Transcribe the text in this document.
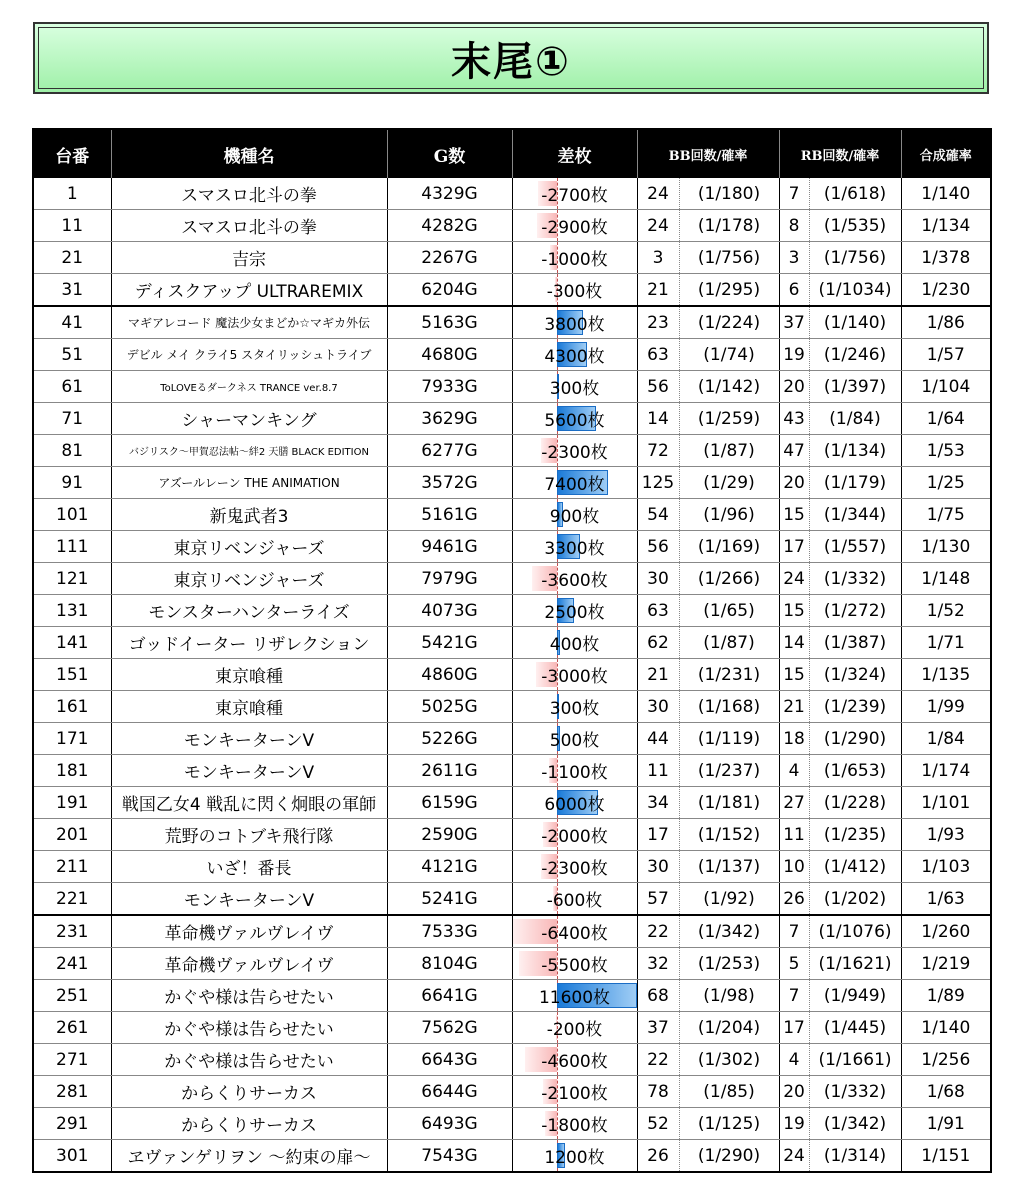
末尾①
台番	機種名	G数	差枚	BB回数/確率		RB回数/確率		合成確率
1	スマスロ北斗の拳	4329G	-2700枚	24	(1/180)	7	(1/618)	1/140
11	スマスロ北斗の拳	4282G	-2900枚	24	(1/178)	8	(1/535)	1/134
21	吉宗	2267G	-1000枚	3	(1/756)	3	(1/756)	1/378
31	ディスクアップ ULTRAREMIX	6204G	-300枚	21	(1/295)	6	(1/1034)	1/230
41	マギアレコード 魔法少女まどか☆マギカ外伝	5163G	3800枚	23	(1/224)	37	(1/140)	1/86
51	デビル メイ クライ5 スタイリッシュトライブ	4680G	4300枚	63	(1/74)	19	(1/246)	1/57
61	ToLOVEるダークネス TRANCE ver.8.7	7933G	300枚	56	(1/142)	20	(1/397)	1/104
71	シャーマンキング	3629G	5600枚	14	(1/259)	43	(1/84)	1/64
81	バジリスク～甲賀忍法帖～絆2 天膳 BLACK EDITION	6277G	-2300枚	72	(1/87)	47	(1/134)	1/53
91	アズールレーン THE ANIMATION	3572G	7400枚	125	(1/29)	20	(1/179)	1/25
101	新鬼武者3	5161G	900枚	54	(1/96)	15	(1/344)	1/75
111	東京リベンジャーズ	9461G	3300枚	56	(1/169)	17	(1/557)	1/130
121	東京リベンジャーズ	7979G	-3600枚	30	(1/266)	24	(1/332)	1/148
131	モンスターハンターライズ	4073G	2500枚	63	(1/65)	15	(1/272)	1/52
141	ゴッドイーター リザレクション	5421G	400枚	62	(1/87)	14	(1/387)	1/71
151	東京喰種	4860G	-3000枚	21	(1/231)	15	(1/324)	1/135
161	東京喰種	5025G	300枚	30	(1/168)	21	(1/239)	1/99
171	モンキーターンV	5226G	500枚	44	(1/119)	18	(1/290)	1/84
181	モンキーターンV	2611G	-1100枚	11	(1/237)	4	(1/653)	1/174
191	戦国乙女4 戦乱に閃く炯眼の軍師	6159G	6000枚	34	(1/181)	27	(1/228)	1/101
201	荒野のコトブキ飛行隊	2590G	-2000枚	17	(1/152)	11	(1/235)	1/93
211	いざ！番長	4121G	-2300枚	30	(1/137)	10	(1/412)	1/103
221	モンキーターンV	5241G	-600枚	57	(1/92)	26	(1/202)	1/63
231	革命機ヴァルヴレイヴ	7533G	-6400枚	22	(1/342)	7	(1/1076)	1/260
241	革命機ヴァルヴレイヴ	8104G	-5500枚	32	(1/253)	5	(1/1621)	1/219
251	かぐや様は告らせたい	6641G	11600枚	68	(1/98)	7	(1/949)	1/89
261	かぐや様は告らせたい	7562G	-200枚	37	(1/204)	17	(1/445)	1/140
271	かぐや様は告らせたい	6643G	-4600枚	22	(1/302)	4	(1/1661)	1/256
281	からくりサーカス	6644G	-2100枚	78	(1/85)	20	(1/332)	1/68
291	からくりサーカス	6493G	-1800枚	52	(1/125)	19	(1/342)	1/91
301	ヱヴァンゲリヲン ～約束の扉～	7543G	1200枚	26	(1/290)	24	(1/314)	1/151
